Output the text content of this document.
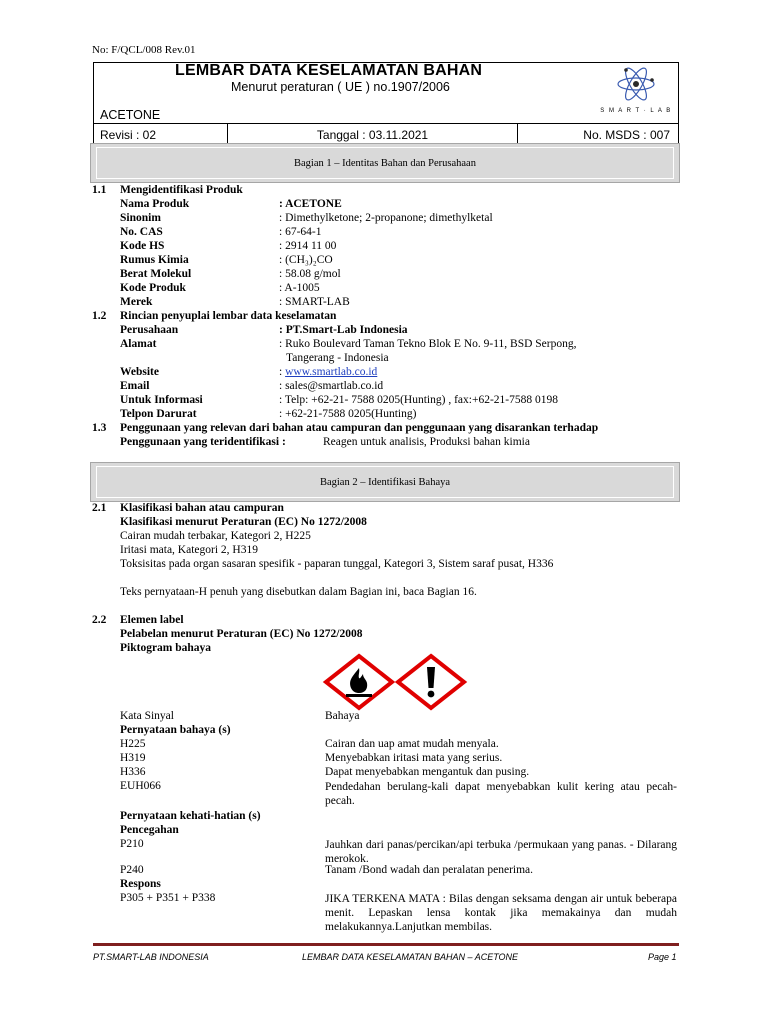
No: F/QCL/008 Rev.01
LEMBAR DATA KESELAMATAN BAHAN
Menurut peraturan ( UE ) no.1907/2006
ACETONE	S M A R T · L A B
Revisi : 02	Tanggal : 03.11.2021	No. MSDS : 007
Bagian 1 – Identitas Bahan dan Perusahaan
1.1 Mengidentifikasi Produk
Nama Produk	: ACETONE
Sinonim	: Dimethylketone; 2-propanone; dimethylketal
No. CAS	: 67-64-1
Kode HS	: 2914 11 00
Rumus Kimia	: (CH₃)₂CO
Berat Molekul	: 58.08 g/mol
Kode Produk	: A-1005
Merek	: SMART-LAB
1.2 Rincian penyuplai lembar data keselamatan
Perusahaan	: PT.Smart-Lab Indonesia
Alamat	: Ruko Boulevard Taman Tekno Blok E No. 9-11, BSD Serpong,
Tangerang - Indonesia
Website	: www.smartlab.co.id
Email	: sales@smartlab.co.id
Untuk Informasi	: Telp: +62-21- 7588 0205(Hunting) , fax:+62-21-7588 0198
Telpon Darurat	: +62-21-7588 0205(Hunting)
1.3 Penggunaan yang relevan dari bahan atau campuran dan penggunaan yang disarankan terhadap
Penggunaan yang teridentifikasi :	Reagen untuk analisis, Produksi bahan kimia
Bagian 2 – Identifikasi Bahaya
2.1 Klasifikasi bahan atau campuran
Klasifikasi menurut Peraturan (EC) No 1272/2008
Cairan mudah terbakar, Kategori 2, H225
Iritasi mata, Kategori 2, H319
Toksisitas pada organ sasaran spesifik - paparan tunggal, Kategori 3, Sistem saraf pusat, H336
Teks pernyataan-H penuh yang disebutkan dalam Bagian ini, baca Bagian 16.
2.2 Elemen label
Pelabelan menurut Peraturan (EC) No 1272/2008
Piktogram bahaya
Kata Sinyal	Bahaya
Pernyataan bahaya (s)
H225	Cairan dan uap amat mudah menyala.
H319	Menyebabkan iritasi mata yang serius.
H336	Dapat menyebabkan mengantuk dan pusing.
EUH066	Pendedahan berulang-kali dapat menyebabkan kulit kering atau pecah-pecah.
Pernyataan kehati-hatian (s)
Pencegahan
P210	Jauhkan dari panas/percikan/api terbuka /permukaan yang panas. - Dilarang merokok.
P240	Tanam /Bond wadah dan peralatan penerima.
Respons
P305 + P351 + P338	JIKA TERKENA MATA : Bilas dengan seksama dengan air untuk beberapa menit. Lepaskan lensa kontak jika memakainya dan mudah melakukannya.Lanjutkan membilas.
PT.SMART-LAB INDONESIA	LEMBAR DATA KESELAMATAN BAHAN – ACETONE	Page 1
